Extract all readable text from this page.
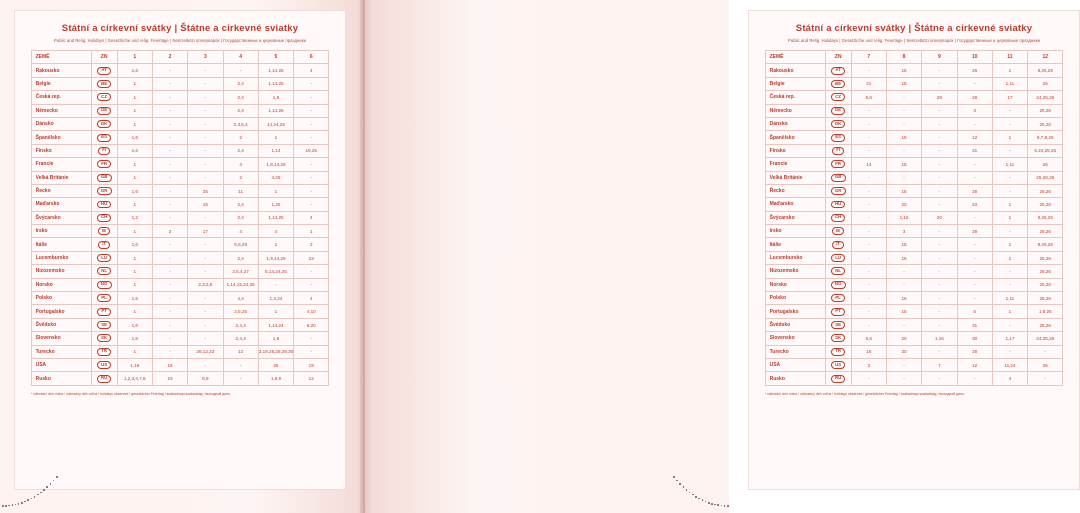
Státní a církevní svátky | Štátne a cirkevné sviatky
Public and Relig. Holidays | Gesetzliche und relig. Feiertage | Nemzetközi ünnepnapok | Государственные и церковные праздники
ZEMĚ	ZN	1	2	3	4	5	6
Rakousko	AT	1,6	-	-	-	1,14,25	4
Belgie	BE	1	-	-	2,4	1,14,25	-
Česká rep.	CZ	1	-	-	2,4	1,8	-
Německo	DE	1	-	-	2,4	1,14,25	-
Dánsko	DK	1	-	-	2,3,5,4	14,24,25	-
Španělsko	ES	1,6	-	-	2	1	-
Finsko	FI	1,6	-	-	2,4	1,14	19,25
Francie	FR	1	-	-	4	1,8,14,25	-
Velká Británie	GB	1	-	-	2	4,25	-
Řecko	GR	1,6	-	25	11	1	-
Maďarsko	HU	1	-	15	2,4	1,25	-
Švýcarsko	CH	1,2	-	-	2,4	1,14,25	4
Irsko	IE	1	2	17	4	4	1
Itálie	IT	1,6	-	-	5,6,25	1	2
Lucembursko	LU	1	-	-	2,4	1,9,14,25	23
Nizozemsko	NL	1	-	-	2,5,4,27	5,14,24,25	-
Norsko	NO	1	-	2,3,5,6	1,14,15,24,25	-	-
Polsko	PL	1,6	-	-	4,4	1,3,24	4
Portugalsko	PT	1	-	-	2,5,25	1	4,10
Švédsko	SE	1,6	-	-	2,4,4	1,14,24	6,20
Slovensko	SK	1,6	-	-	2,4,4	1,8	-
Turecko	TR	1	-	26,12,23	12	3,19,25,28,29,30	-
USA	US	1,19	16	-	-	25	19
Rusko	RU	1,2,3,4,7,8	23	8,9	-	1,8,9	12
* náhradní den volna / náhradný deň voľna / holidays observed / gesetzlicher Feiertag / szabadnapi szabadság / выходной день.
Státní a církevní svátky | Štátne a cirkevné sviatky
Public and Relig. Holidays | Gesetzliche und relig. Feiertage | Nemzetközi ünnepnapok | Государственные и церковные праздники
ZEMĚ	ZN	7	8	9	10	11	12
Rakousko	AT	-	15	-	26	1	8,25,26
Belgie	BE	21	15	-	-	1,11	25
Česká rep.	CZ	5,6	-	28	28	17	24,25,26
Německo	DE	-	-	-	3	-	25,26
Dánsko	DK	-	-	-	-	-	25,26
Španělsko	ES	-	15	-	12	1	6,7,8,25
Finsko	FI	-	-	-	31	-	6,24,25,26
Francie	FR	14	15	-	-	1,11	25
Velká Británie	GB	-	-	-	-	-	25,26,28
Řecko	GR	-	15	-	28	-	25,26
Maďarsko	HU	-	20	-	23	1	25,26
Švýcarsko	CH	-	1,15	20	-	1	8,25,26
Irsko	IE	-	3	-	28	-	25,26
Itálie	IT	-	15	-	-	1	8,25,26
Lucembursko	LU	-	15	-	-	1	25,26
Nizozemsko	NL	-	-	-	-	-	25,26
Norsko	NO	-	-	-	-	-	25,26
Polsko	PL	-	15	-	-	1,11	25,26
Portugalsko	PT	-	15	-	5	1	1,8,25
Švédsko	SE	-	-	-	31	-	25,26
Slovensko	SK	5,6	20	1,15	30	1,17	24,25,26
Turecko	TR	16	30	-	28	-	-
USA	US	3	-	7	12	11,24	25
Rusko	RU	-	-	-	-	4	-
* náhradní den volna / náhradný deň voľna / holidays observed / gesetzlicher Feiertag / szabadnapi szabadság / выходной день.
